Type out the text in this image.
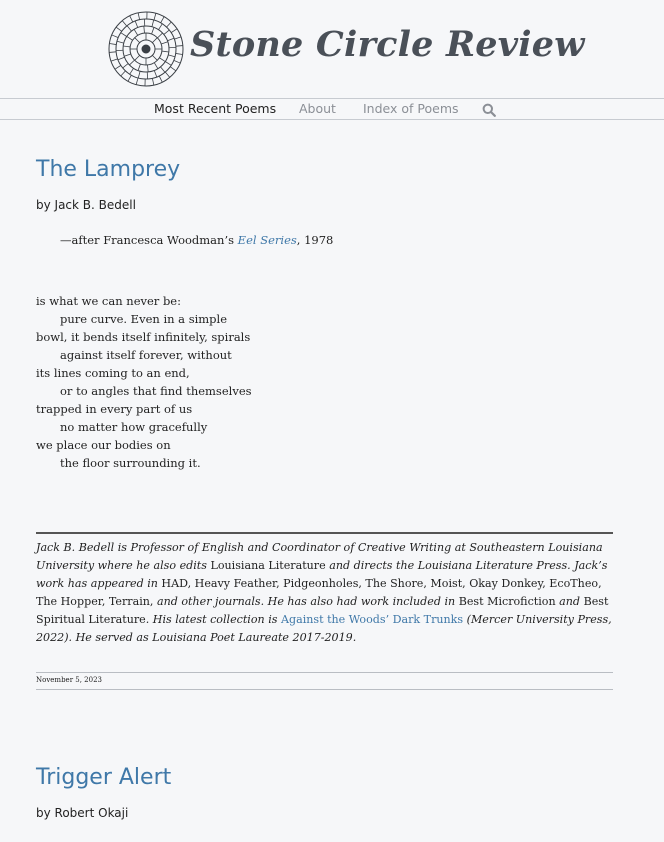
Stone Circle Review
Most Recent Poems About Index of Poems
The Lamprey
by Jack B. Bedell
—after Francesca Woodman’s Eel Series, 1978
is what we can never be:
pure curve. Even in a simple
bowl, it bends itself infinitely, spirals
against itself forever, without
its lines coming to an end,
or to angles that find themselves
trapped in every part of us
no matter how gracefully
we place our bodies on
the floor surrounding it.
Jack B. Bedell is Professor of English and Coordinator of Creative Writing at Southeastern Louisiana University where he also edits Louisiana Literature and directs the Louisiana Literature Press. Jack’s work has appeared in HAD, Heavy Feather, Pidgeonholes, The Shore, Moist, Okay Donkey, EcoTheo, The Hopper, Terrain, and other journals. He has also had work included in Best Microfiction and Best Spiritual Literature. His latest collection is Against the Woods’ Dark Trunks (Mercer University Press, 2022). He served as Louisiana Poet Laureate 2017-2019.
November 5, 2023
Trigger Alert
by Robert Okaji
